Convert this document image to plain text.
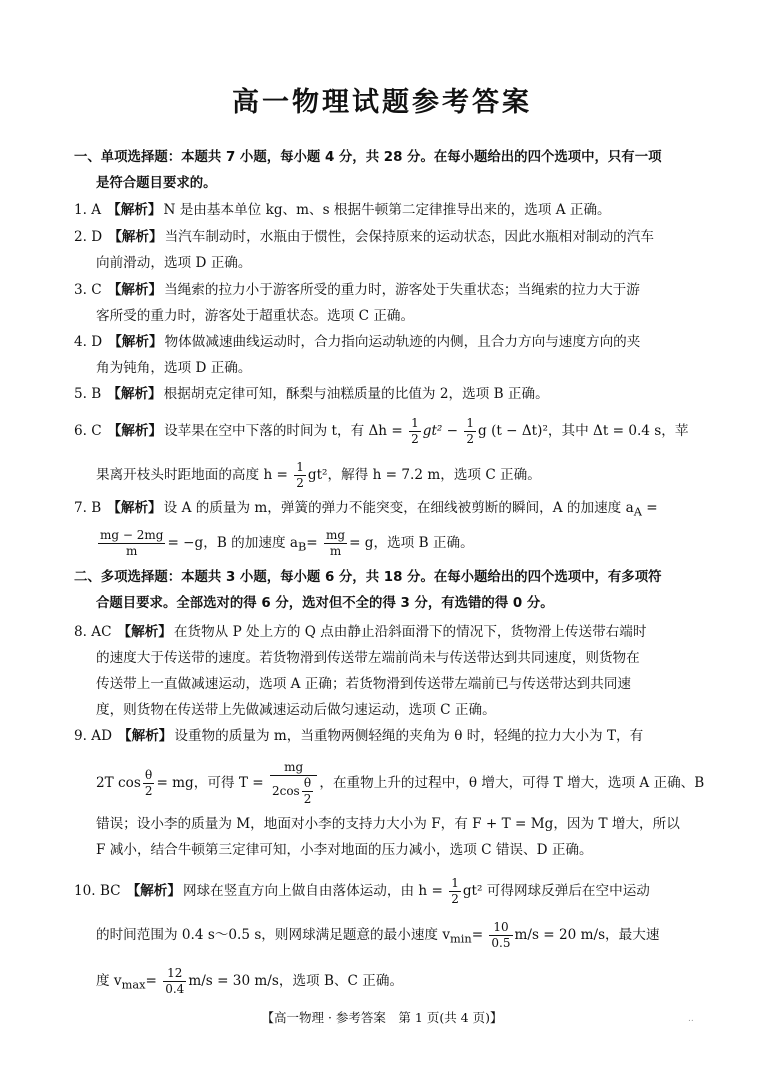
高一物理试题参考答案
一、单项选择题：本题共 7 小题，每小题 4 分，共 28 分。在每小题给出的四个选项中，只有一项
是符合题目要求的。
1. A 【解析】 N 是由基本单位 kg、m、s 根据牛顿第二定律推导出来的，选项 A 正确。
2. D 【解析】 当汽车制动时，水瓶由于惯性，会保持原来的运动状态，因此水瓶相对制动的汽车
向前滑动，选项 D 正确。
3. C 【解析】 当绳索的拉力小于游客所受的重力时，游客处于失重状态；当绳索的拉力大于游
客所受的重力时，游客处于超重状态。选项 C 正确。
4. D 【解析】 物体做减速曲线运动时，合力指向运动轨迹的内侧，且合力方向与速度方向的夹
角为钝角，选项 D 正确。
5. B 【解析】 根据胡克定律可知，酥梨与油糕质量的比值为 2，选项 B 正确。
6. C 【解析】 设苹果在空中下落的时间为 t，有 $\Delta h = \frac{1}{2} gt^2 - \frac{1}{2}$ g (t − Δt)²，其中 Δt = 0.4 s，苹
果离开枝头时距地面的高度 $h = \frac{1}{2} gt^2$，解得 h = 7.2 m，选项 C 正确。
7. B 【解析】 设 A 的质量为 m，弹簧的弹力不能突变，在细线被剪断的瞬间，A 的加速度 $a_A$ =
$\frac{mg - 2mg}{m} = -g$，B 的加速度 $a_B= \frac{mg}{m} = g$，选项 B 正确。
二、多项选择题：本题共 3 小题，每小题 6 分，共 18 分。在每小题给出的四个选项中，有多项符
合题目要求。全部选对的得 6 分，选对但不全的得 3 分，有选错的得 0 分。
8. AC 【解析】 在货物从 P 处上方的 Q 点由静止沿斜面滑下的情况下，货物滑上传送带右端时
的速度大于传送带的速度。若货物滑到传送带左端前尚未与传送带达到共同速度，则货物在
传送带上一直做减速运动，选项 A 正确；若货物滑到传送带左端前已与传送带达到共同速
度，则货物在传送带上先做减速运动后做匀速运动，选项 C 正确。
9. AD 【解析】 设重物的质量为 m，当重物两侧轻绳的夹角为 θ 时，轻绳的拉力大小为 T，有
2T $\cos \frac{\theta}{2}$ = mg，可得 $T = \frac{mg}{2\cos \frac{\theta}{2}}$ ，在重物上升的过程中，θ 增大，可得 T 增大，选项 A 正确、B
错误；设小李的质量为 M，地面对小李的支持力大小为 F，有 F + T = Mg，因为 T 增大，所以
F 减小，结合牛顿第三定律可知，小李对地面的压力减小，选项 C 错误、D 正确。
10. BC 【解析】 网球在竖直方向上做自由落体运动，由 $h = \frac{1}{2} gt^2$ 可得网球反弹后在空中运动
的时间范围为 0.4 s～0.5 s，则网球满足题意的最小速度 $v_{min}= \frac{10}{0.5} m/s = 20$ m/s，最大速
度 $v_{max}= \frac{12}{0.4} m/s = 30$ m/s，选项 B、C 正确。
【高一物理 · 参考答案　第 1 页(共 4 页)】	..
